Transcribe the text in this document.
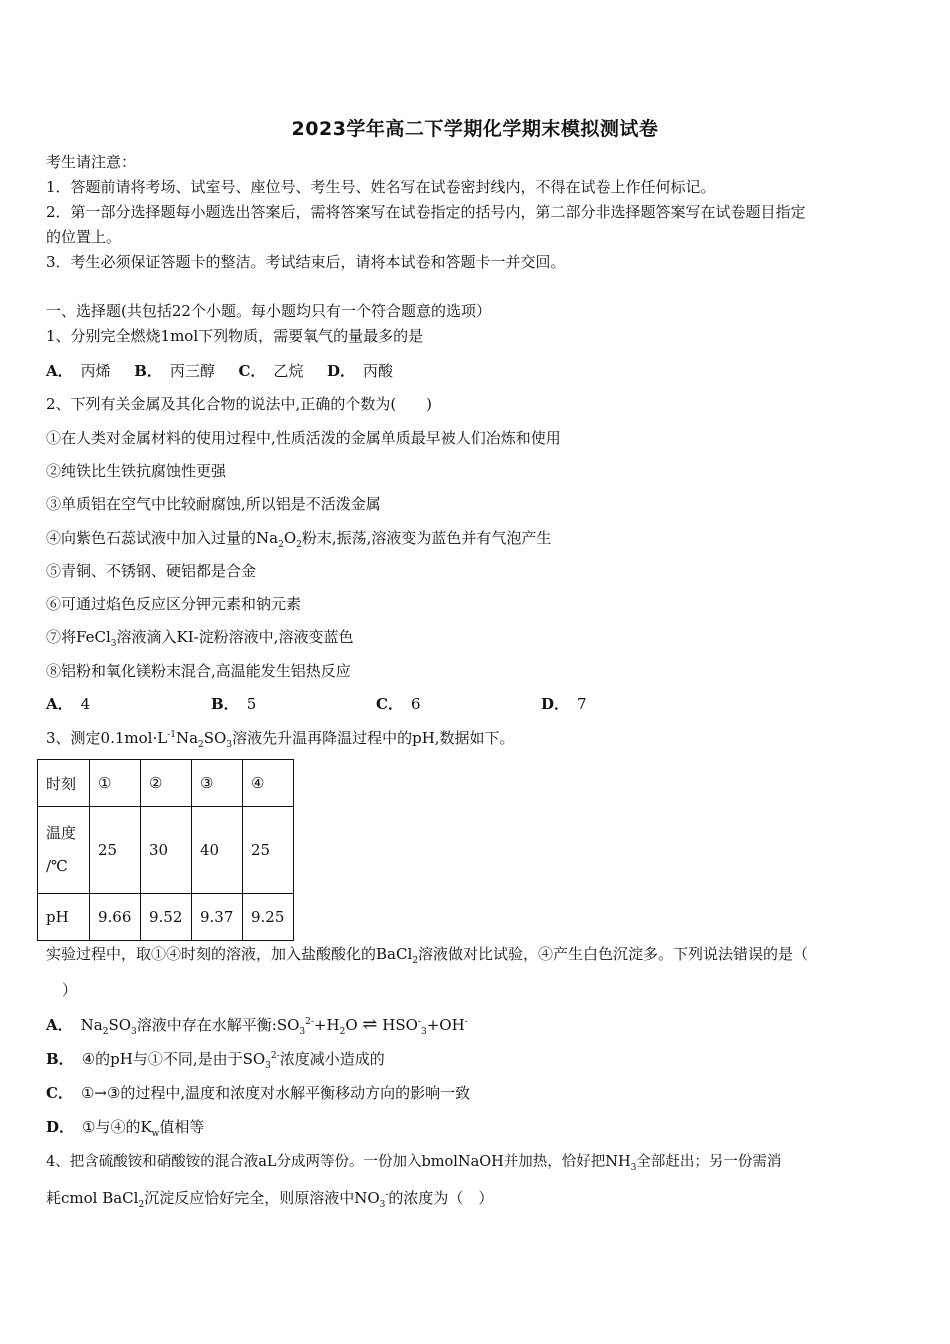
2023学年高二下学期化学期末模拟测试卷
考生请注意：
1．答题前请将考场、试室号、座位号、考生号、姓名写在试卷密封线内，不得在试卷上作任何标记。
2．第一部分选择题每小题选出答案后，需将答案写在试卷指定的括号内，第二部分非选择题答案写在试卷题目指定
的位置上。
3．考生必须保证答题卡的整洁。考试结束后，请将本试卷和答题卡一并交回。
一、选择题(共包括22个小题。每小题均只有一个符合题意的选项）
1、分别完全燃烧1mol下列物质，需要氧气的量最多的是
A． 丙烯 B． 丙三醇 C． 乙烷 D． 丙酸
2、下列有关金属及其化合物的说法中,正确的个数为(　　)
①在人类对金属材料的使用过程中,性质活泼的金属单质最早被人们冶炼和使用
②纯铁比生铁抗腐蚀性更强
③单质铝在空气中比较耐腐蚀,所以铝是不活泼金属
④向紫色石蕊试液中加入过量的$Na_2O_2$粉末,振荡,溶液变为蓝色并有气泡产生
⑤青铜、不锈钢、硬铝都是合金
⑥可通过焰色反应区分钾元素和钠元素
⑦将FeCl$_3$溶液滴入KI-淀粉溶液中,溶液变蓝色
⑧铝粉和氧化镁粉末混合,高温能发生铝热反应
A． 4	B． 5	C． 6	D． 7
3、测定$0.1mol\cdot L^{-1}Na_2SO_3$溶液先升温再降温过程中的pH,数据如下。
时刻	①	②	③	④
温度
/℃	25	30	40	25
pH	9.66	9.52	9.37	9.25
实验过程中，取①④时刻的溶液，加入盐酸酸化的BaCl$_2$溶液做对比试验，④产生白色沉淀多。下列说法错误的是（
）
A． $Na_2SO_3$溶液中存在水解平衡$:SO_3^{2-}+H_2O$ ⇌ $HSO^-_3+OH^-$
B． ④的pH与①不同,是由于$SO_3^{2-}$浓度减小造成的
C． ①→③的过程中,温度和浓度对水解平衡移动方向的影响一致
D． ①与④的$K_w$值相等
4、把含硫酸铵和硝酸铵的混合液aL分成两等份。一份加入bmolNaOH并加热，恰好把$NH_3$全部赶出；另一份需消
耗cmol BaCl$_2$沉淀反应恰好完全，则原溶液中$NO_3^-$的浓度为（　）
